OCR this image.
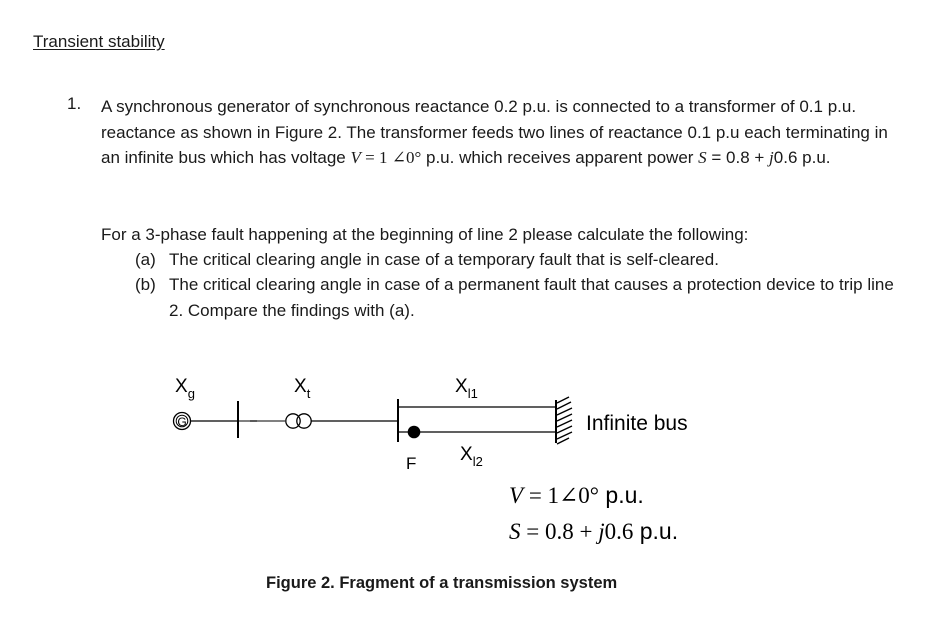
Transient stability
1. A synchronous generator of synchronous reactance 0.2 p.u. is connected to a transformer of 0.1 p.u. reactance as shown in Figure 2. The transformer feeds two lines of reactance 0.1 p.u each terminating in an infinite bus which has voltage V = 1 ∠0° p.u. which receives apparent power S = 0.8 + j0.6 p.u.
For a 3-phase fault happening at the beginning of line 2 please calculate the following:
(a) The critical clearing angle in case of a temporary fault that is self-cleared.
(b) The critical clearing angle in case of a permanent fault that causes a protection device to trip line 2. Compare the findings with (a).
G
$X_g$	$X_t$	$X_{l1}$
$X_{l2}$
F
Infinite bus
V = 1∠0° p.u.
S = 0.8 + j0.6 p.u.
Figure 2. Fragment of a transmission system
